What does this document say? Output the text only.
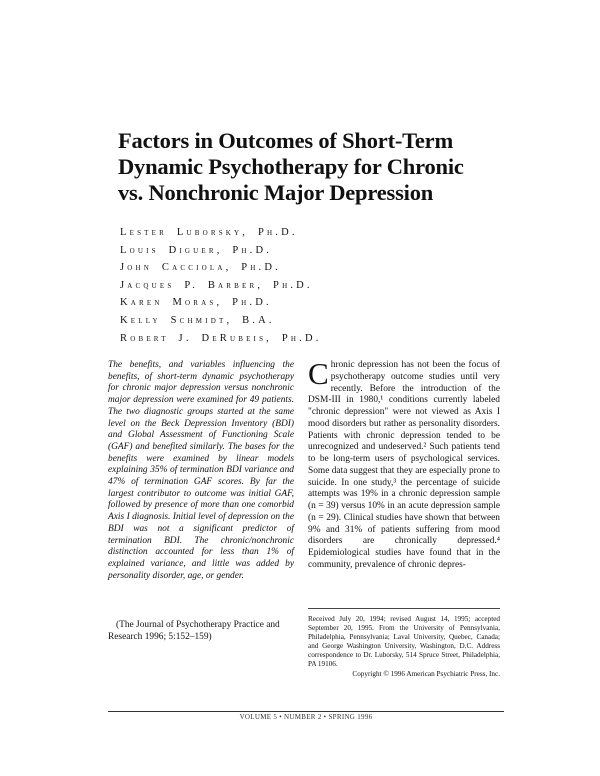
Factors in Outcomes of Short-Term
Dynamic Psychotherapy for Chronic
vs. Nonchronic Major Depression
Lester Luborsky, Ph.D.
Louis Diguer, Ph.D.
John Cacciola, Ph.D.
Jacques P. Barber, Ph.D.
Karen Moras, Ph.D.
Kelly Schmidt, B.A.
Robert J. DeRubeis, Ph.D.
The benefits, and variables influencing the benefits, of short-term dynamic psychotherapy for chronic major depression versus nonchronic major depression were examined for 49 patients. The two diagnostic groups started at the same level on the Beck Depression Inventory (BDI) and Global Assessment of Functioning Scale (GAF) and benefited similarly. The bases for the benefits were examined by linear models explaining 35% of termination BDI variance and 47% of termination GAF scores. By far the largest contributor to outcome was initial GAF, followed by presence of more than one comorbid Axis I diagnosis. Initial level of depression on the BDI was not a significant predictor of termination BDI. The chronic/nonchronic distinction accounted for less than 1% of explained variance, and little was added by personality disorder, age, or gender.
(The Journal of Psychotherapy Practice and Research 1996; 5:152–159)
Chronic depression has not been the focus of psychotherapy outcome studies until very recently. Before the introduction of the DSM-III in 1980,¹ conditions currently labeled "chronic depression" were not viewed as Axis I mood disorders but rather as personality disorders. Patients with chronic depression tended to be unrecognized and undeserved.² Such patients tend to be long-term users of psychological services. Some data suggest that they are especially prone to suicide. In one study,³ the percentage of suicide attempts was 19% in a chronic depression sample (n = 39) versus 10% in an acute depression sample (n = 29). Clinical studies have shown that between 9% and 31% of patients suffering from mood disorders are chronically depressed.⁴ Epidemiological studies have found that in the community, prevalence of chronic depres-
Received July 20, 1994; revised August 14, 1995; accepted September 20, 1995. From the University of Pennsylvania, Philadelphia, Pennsylvania; Laval University, Quebec, Canada; and George Washington University, Washington, D.C. Address correspondence to Dr. Luborsky, 514 Spruce Street, Philadelphia, PA 19106.
Copyright © 1996 American Psychiatric Press, Inc.
VOLUME 5 • NUMBER 2 • SPRING 1996
